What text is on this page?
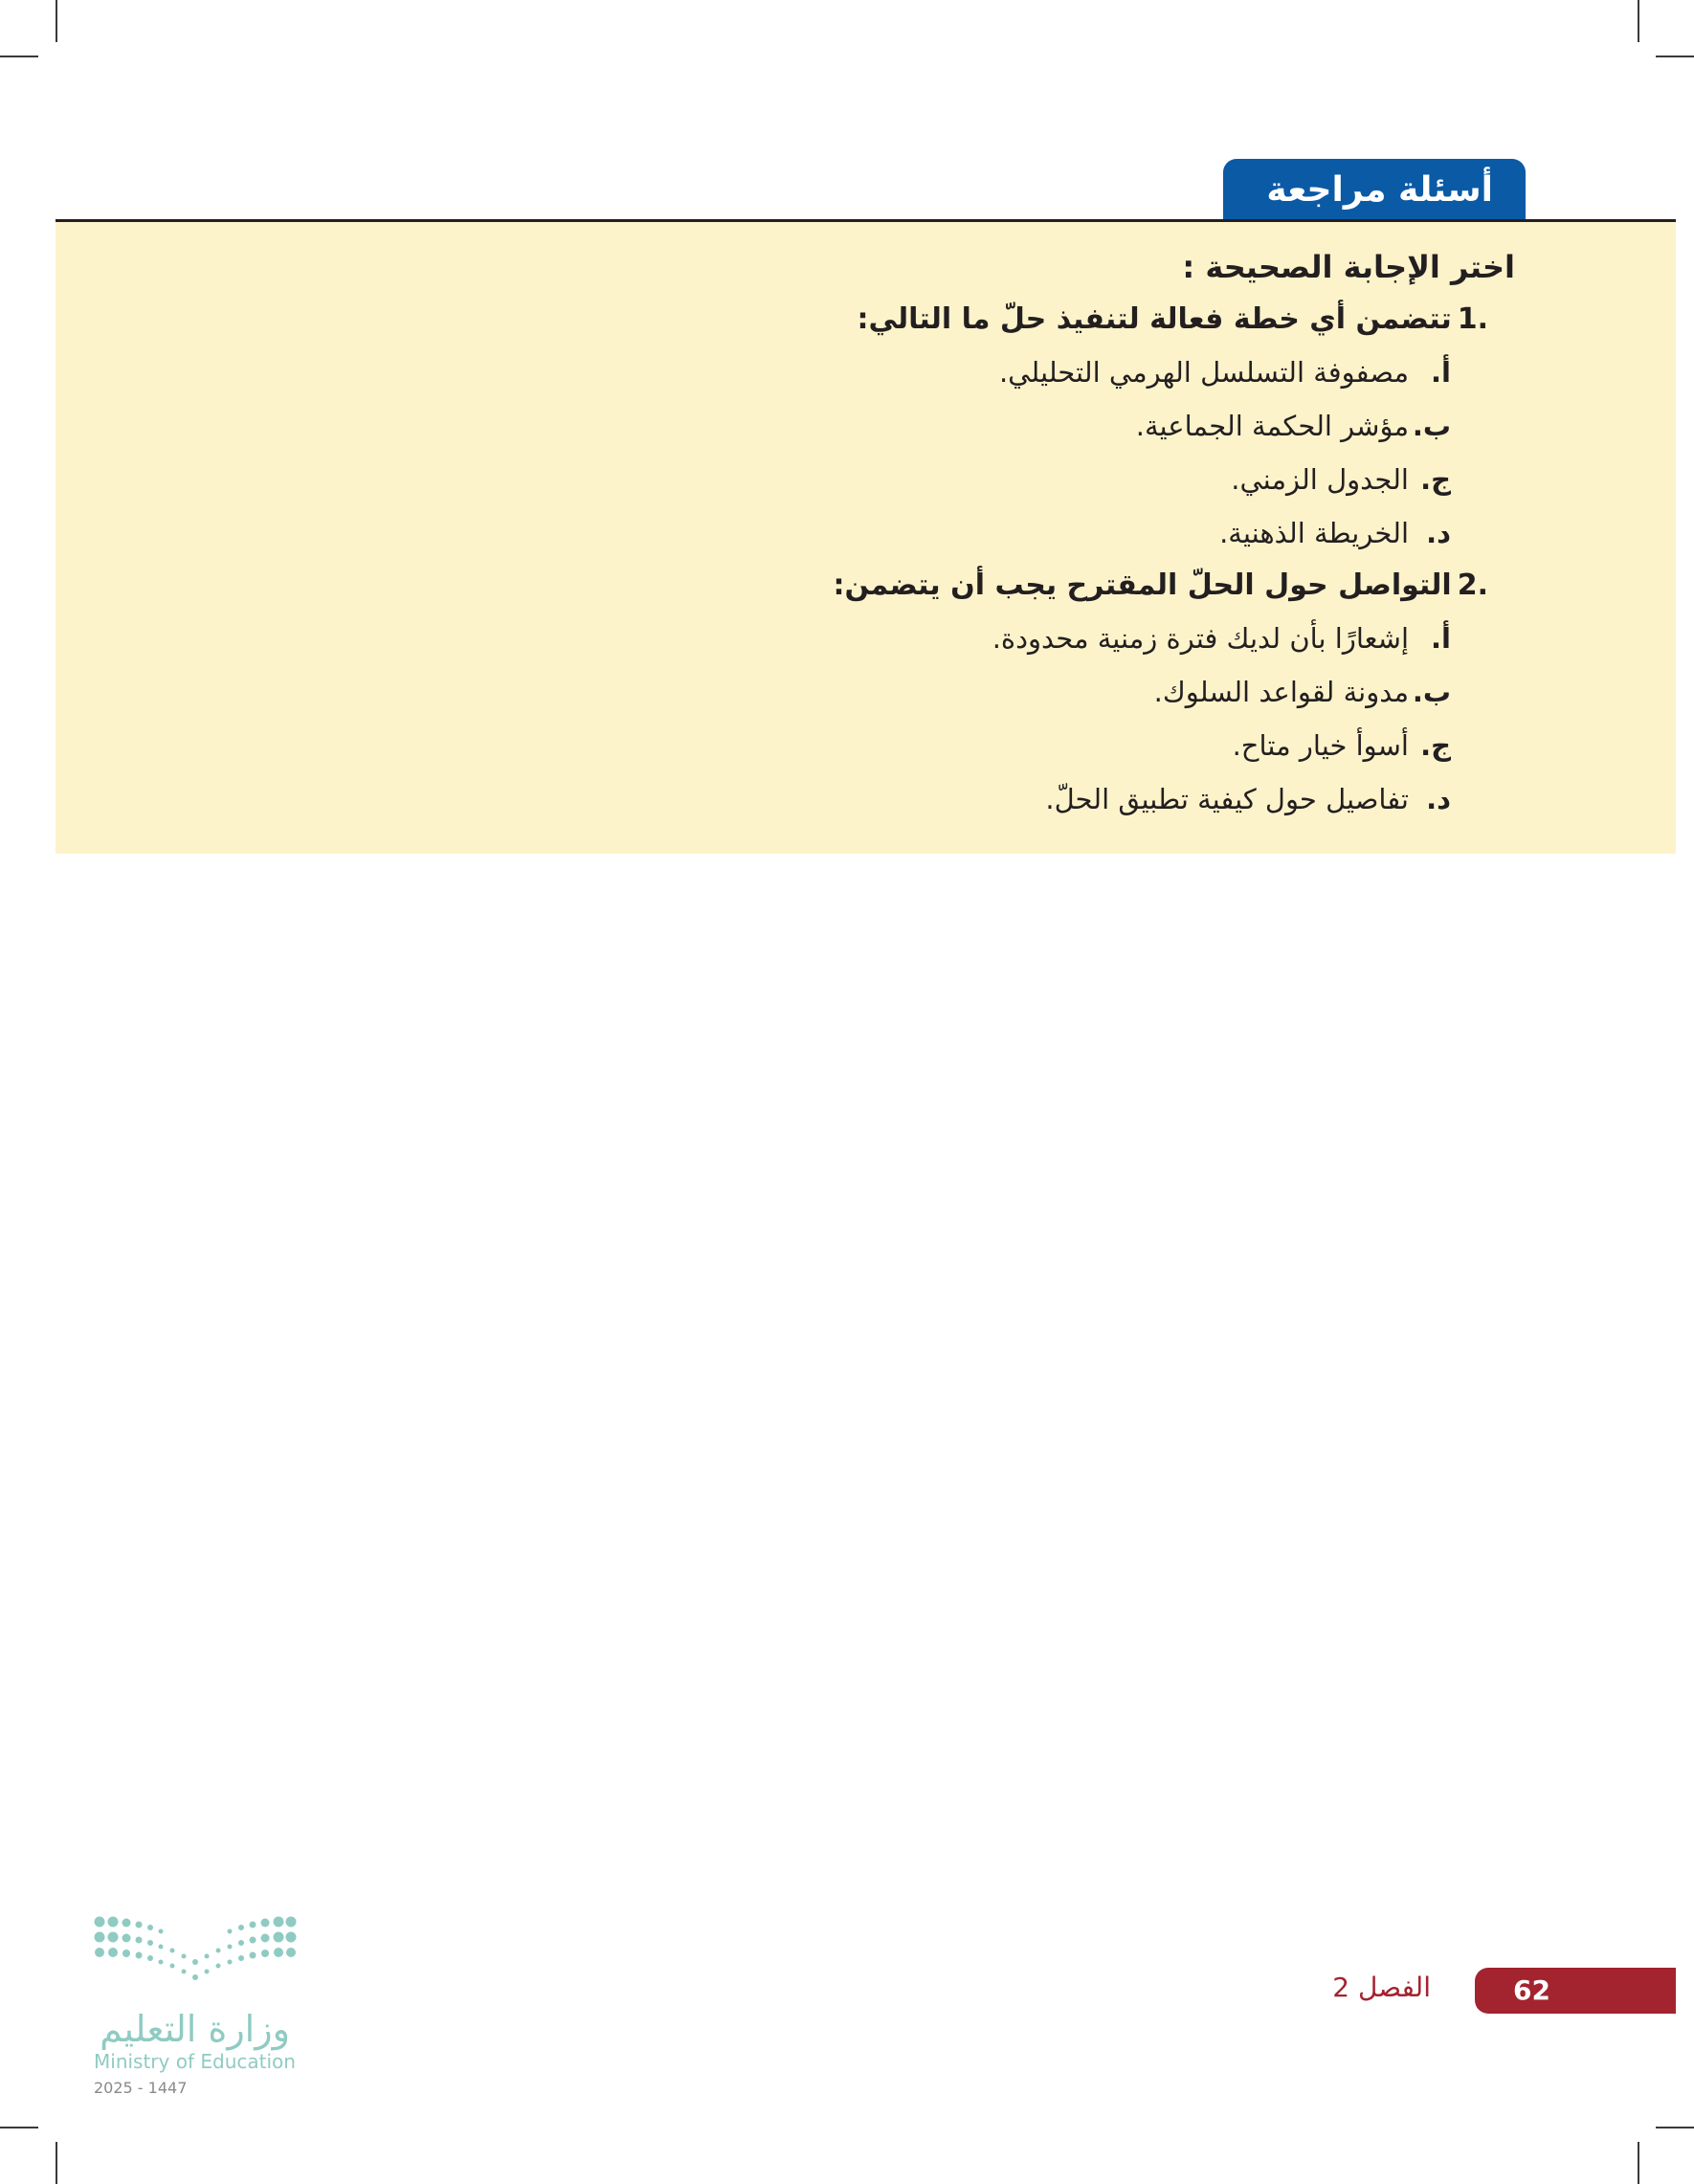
أسئلة مراجعة
اختر الإجابة الصحيحة :
1.
تتضمن أي خطة فعالة لتنفيذ حلّ ما التالي:
أ.
مصفوفة التسلسل الهرمي التحليلي.
ب.
مؤشر الحكمة الجماعية.
ج.
الجدول الزمني.
د.
الخريطة الذهنية.
2.
التواصل حول الحلّ المقترح يجب أن يتضمن:
أ.
إشعارًا بأن لديك فترة زمنية محدودة.
ب.
مدونة لقواعد السلوك.
ج.
أسوأ خيار متاح.
د.
تفاصيل حول كيفية تطبيق الحلّ.
62
الفصل 2
وزارة التعليم
Ministry of Education
2025 - 1447
